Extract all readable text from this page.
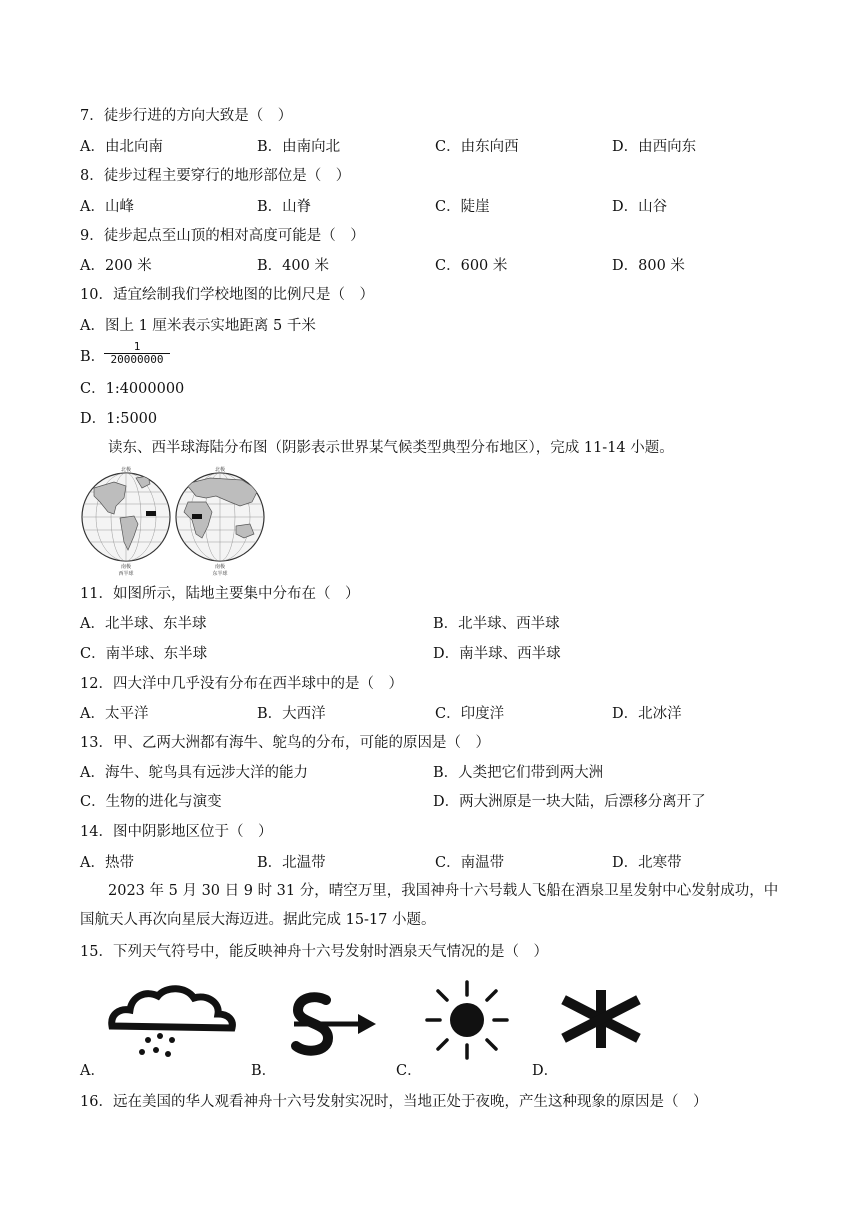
7．徒步行进的方向大致是（　）
A．由北向南	B．由南向北	C．由东向西	D．由西向东
8．徒步过程主要穿行的地形部位是（　）
A．山峰	B．山脊	C．陡崖	D．山谷
9．徒步起点至山顶的相对高度可能是（　）
A．200 米	B．400 米	C．600 米	D．800 米
10．适宜绘制我们学校地图的比例尺是（　）
A．图上 1 厘米表示实地距离 5 千米
B．
$\frac{1}{20000000}$
C．1:4000000
D．1:5000
读东、西半球海陆分布图（阴影表示世界某气候类型典型分布地区），完成 11-14 小题。
北极
南极
西半球
北极
南极
东半球
11．如图所示，陆地主要集中分布在（　）
A．北半球、东半球	B．北半球、西半球
C．南半球、东半球	D．南半球、西半球
12．四大洋中几乎没有分布在西半球中的是（　）
A．太平洋	B．大西洋	C．印度洋	D．北冰洋
13．甲、乙两大洲都有海牛、鸵鸟的分布，可能的原因是（　）
A．海牛、鸵鸟具有远涉大洋的能力	B．人类把它们带到两大洲
C．生物的进化与演变	D．两大洲原是一块大陆，后漂移分离开了
14．图中阴影地区位于（　）
A．热带	B．北温带	C．南温带	D．北寒带
2023 年 5 月 30 日 9 时 31 分，晴空万里，我国神舟十六号载人飞船在酒泉卫星发射中心发射成功，中国航天人再次向星辰大海迈进。据此完成 15-17 小题。
15．下列天气符号中，能反映神舟十六号发射时酒泉天气情况的是（　）
A．	B．	C．	D．
16．远在美国的华人观看神舟十六号发射实况时，当地正处于夜晚，产生这种现象的原因是（　）
